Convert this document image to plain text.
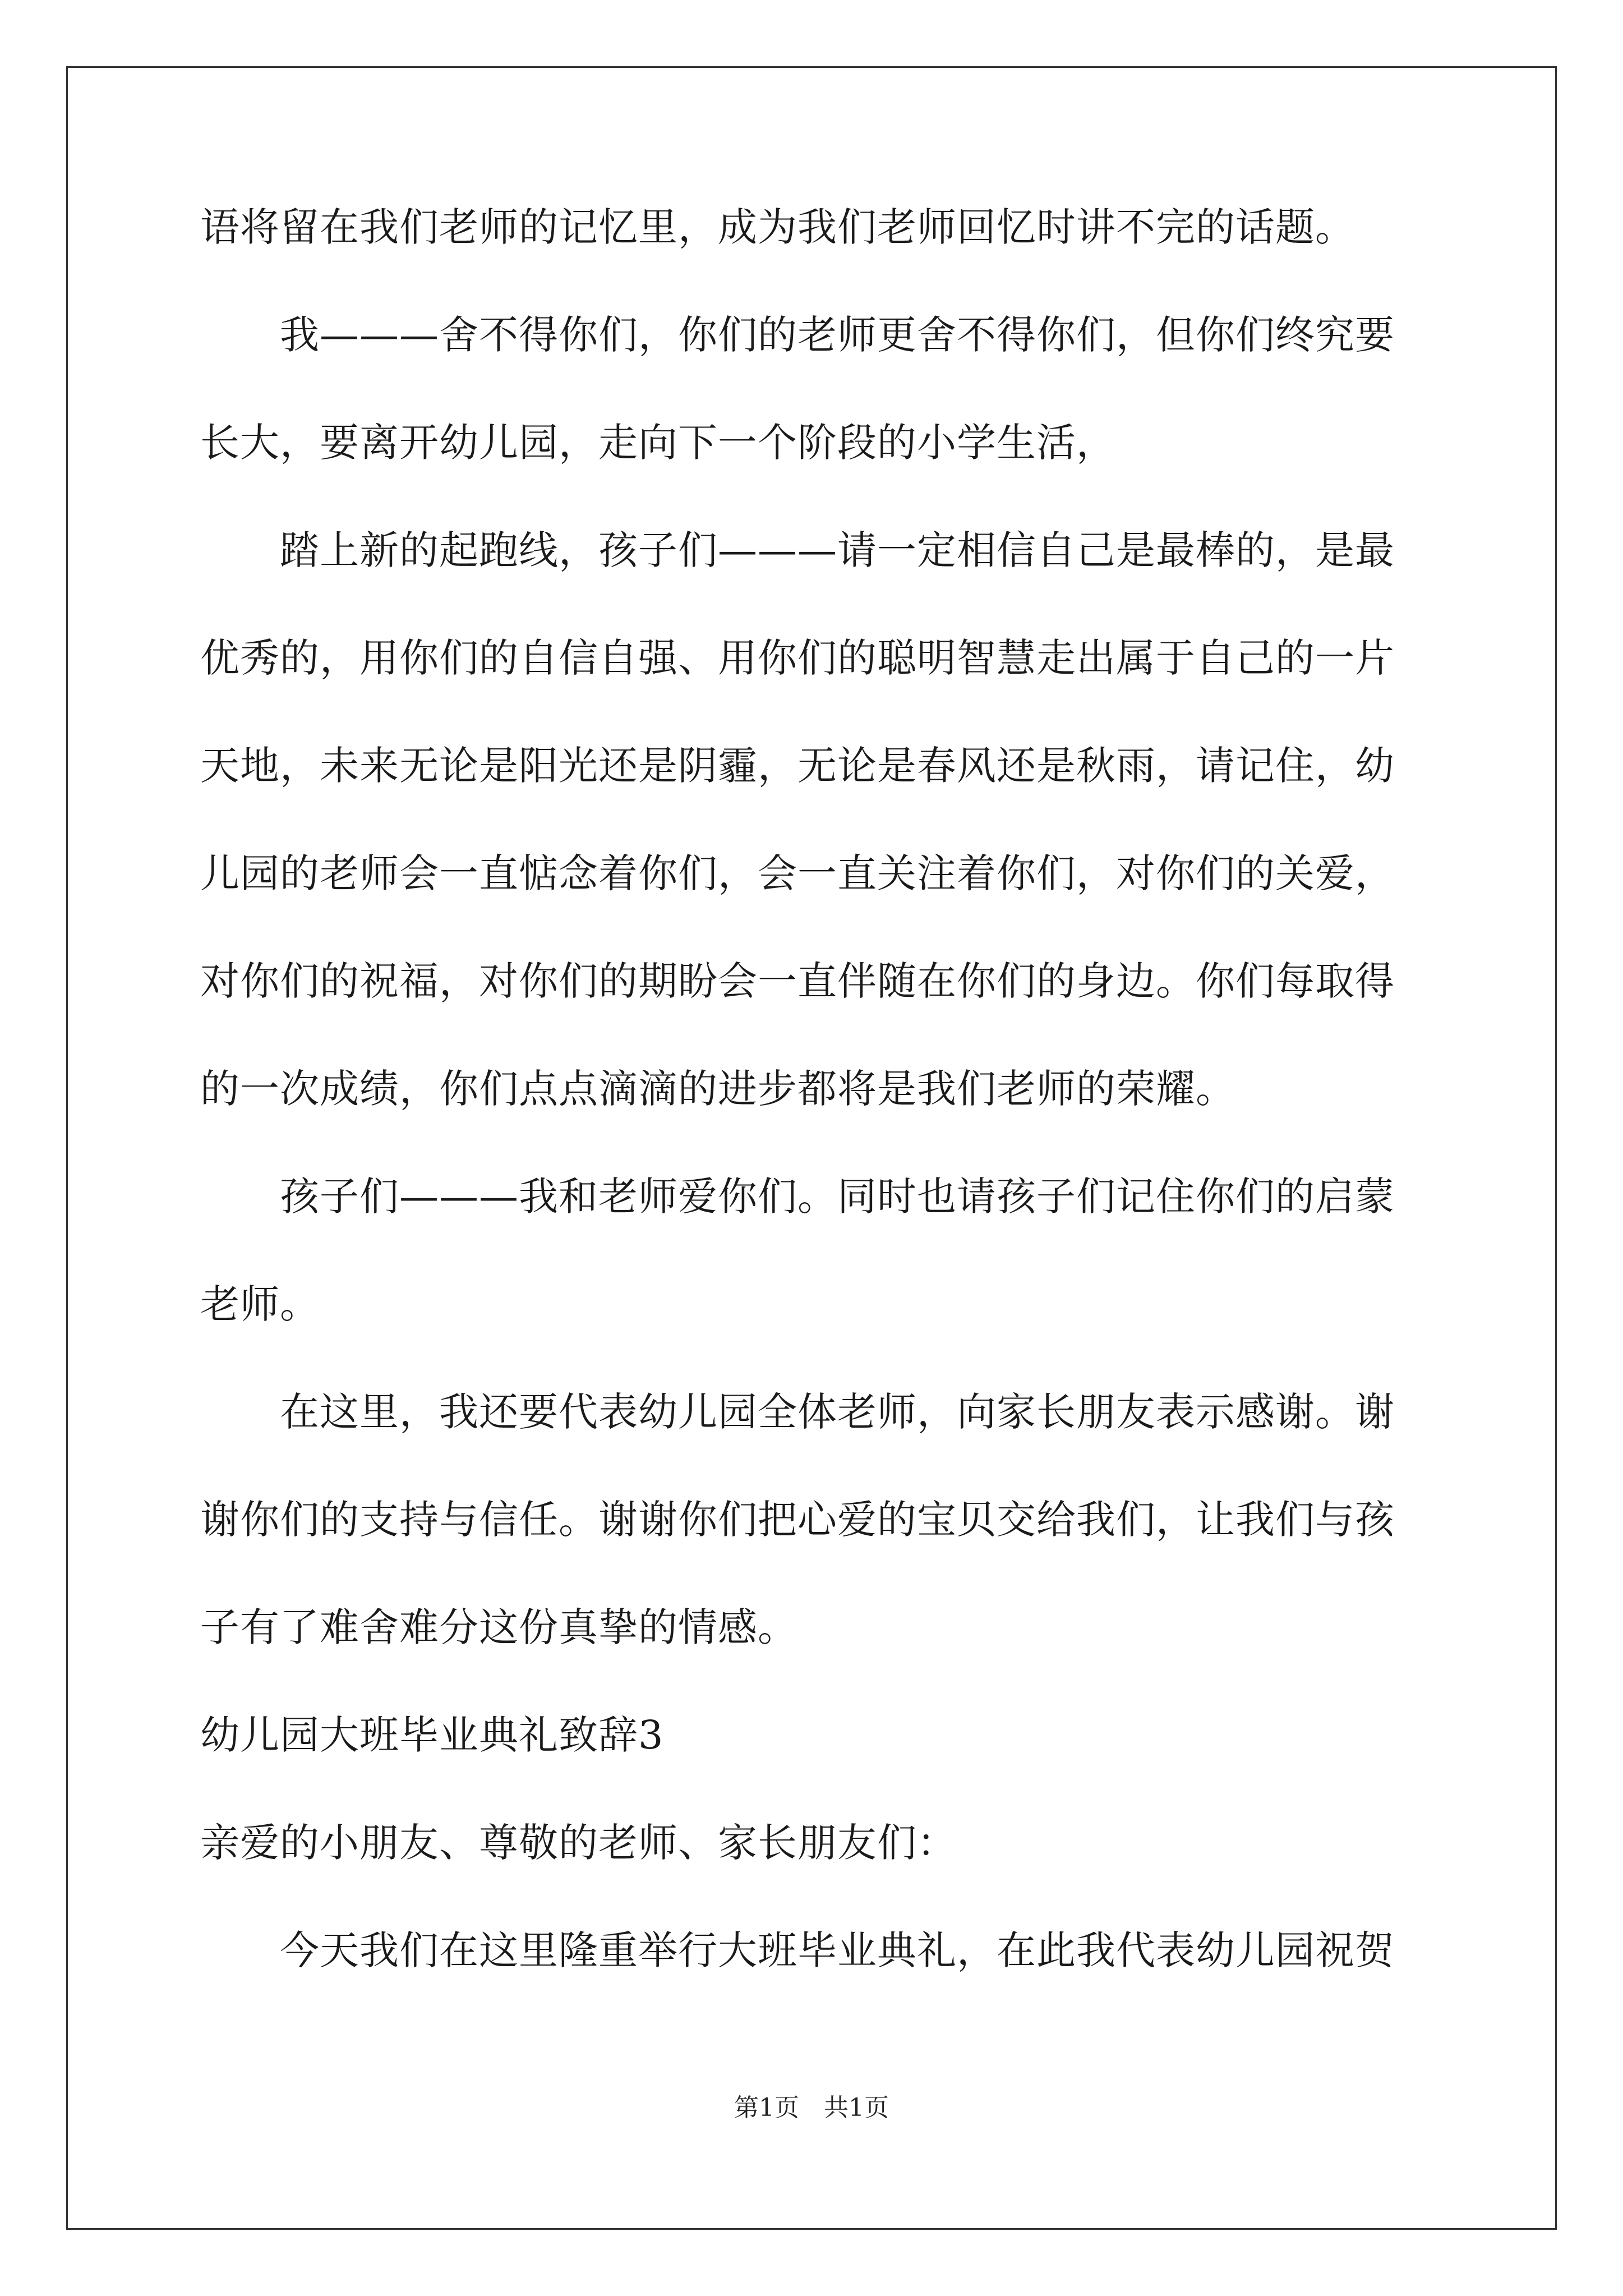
语将留在我们老师的记忆里，成为我们老师回忆时讲不完的话题。
　　我———舍不得你们，你们的老师更舍不得你们，但你们终究要
长大，要离开幼儿园，走向下一个阶段的小学生活，
　　踏上新的起跑线，孩子们———请一定相信自己是最棒的，是最
优秀的，用你们的自信自强、用你们的聪明智慧走出属于自己的一片
天地，未来无论是阳光还是阴霾，无论是春风还是秋雨，请记住，幼
儿园的老师会一直惦念着你们，会一直关注着你们，对你们的关爱，
对你们的祝福，对你们的期盼会一直伴随在你们的身边。你们每取得
的一次成绩，你们点点滴滴的进步都将是我们老师的荣耀。
　　孩子们———我和老师爱你们。同时也请孩子们记住你们的启蒙
老师。
　　在这里，我还要代表幼儿园全体老师，向家长朋友表示感谢。谢
谢你们的支持与信任。谢谢你们把心爱的宝贝交给我们，让我们与孩
子有了难舍难分这份真挚的情感。
幼儿园大班毕业典礼致辞3
亲爱的小朋友、尊敬的老师、家长朋友们：
　　今天我们在这里隆重举行大班毕业典礼，在此我代表幼儿园祝贺
第1页　共1页
